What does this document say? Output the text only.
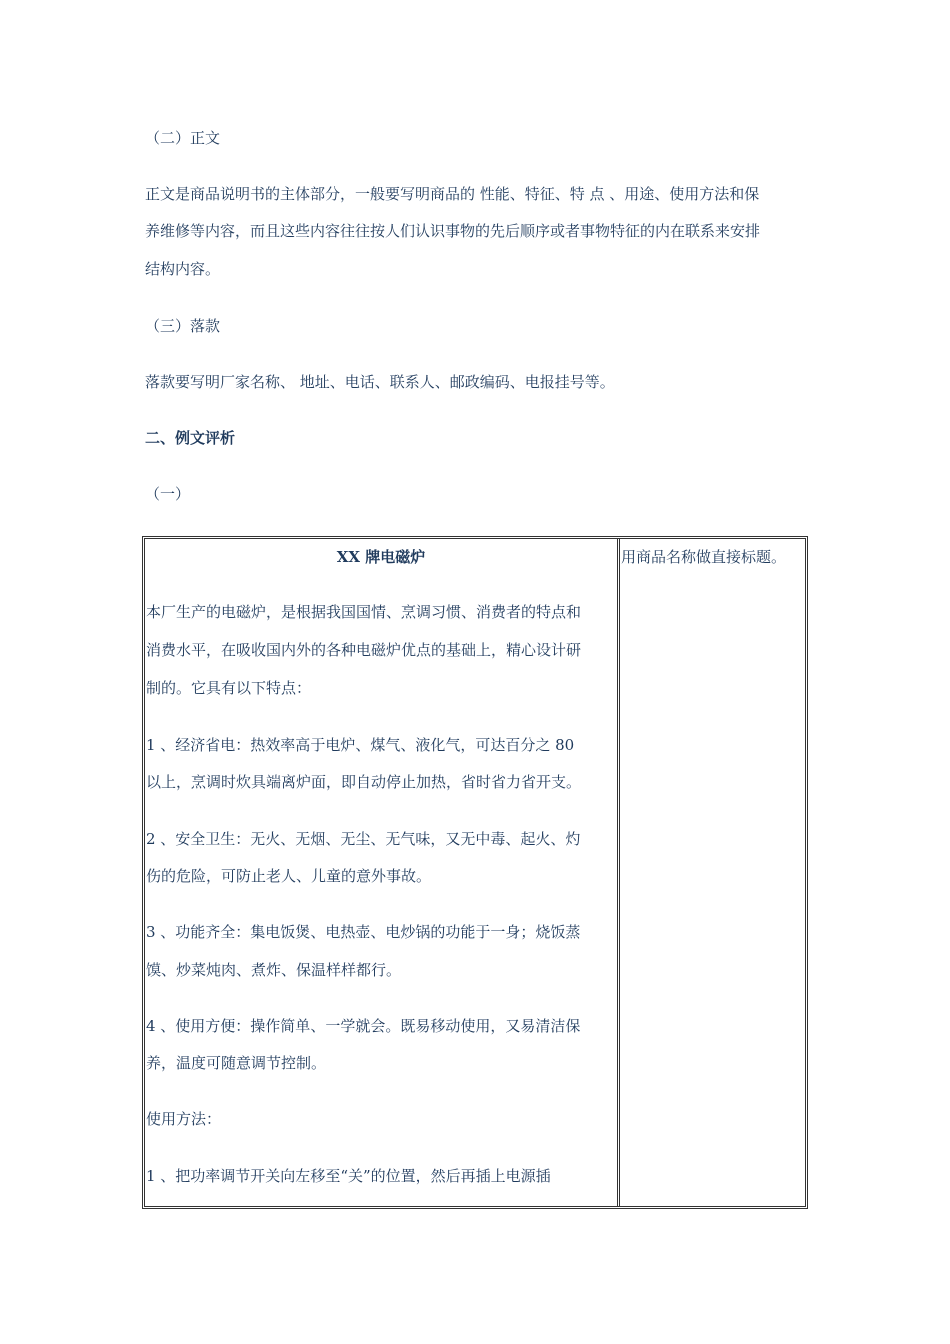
（二）正文
正文是商品说明书的主体部分，一般要写明商品的 性能、特征、特 点 、用途、使用方法和保
养维修等内容，而且这些内容往往按人们认识事物的先后顺序或者事物特征的内在联系来安排
结构内容。
（三）落款
落款要写明厂家名称、 地址、电话、联系人、邮政编码、电报挂号等。
二、例文评析
（一）
XX 牌电磁炉	用商品名称做直接标题。
本厂生产的电磁炉，是根据我国国情、烹调习惯、消费者的特点和
消费水平，在吸收国内外的各种电磁炉优点的基础上，精心设计研
制的。它具有以下特点：
1 、经济省电：热效率高于电炉、煤气、液化气，可达百分之 80
以上，烹调时炊具端离炉面，即自动停止加热，省时省力省开支。
2 、安全卫生：无火、无烟、无尘、无气味，又无中毒、起火、灼
伤的危险，可防止老人、儿童的意外事故。
3 、功能齐全：集电饭煲、电热壶、电炒锅的功能于一身；烧饭蒸
馍、炒菜炖肉、煮炸、保温样样都行。
4 、使用方便：操作简单、一学就会。既易移动使用，又易清洁保
养，温度可随意调节控制。
使用方法：
1 、把功率调节开关向左移至“关”的位置，然后再插上电源插
